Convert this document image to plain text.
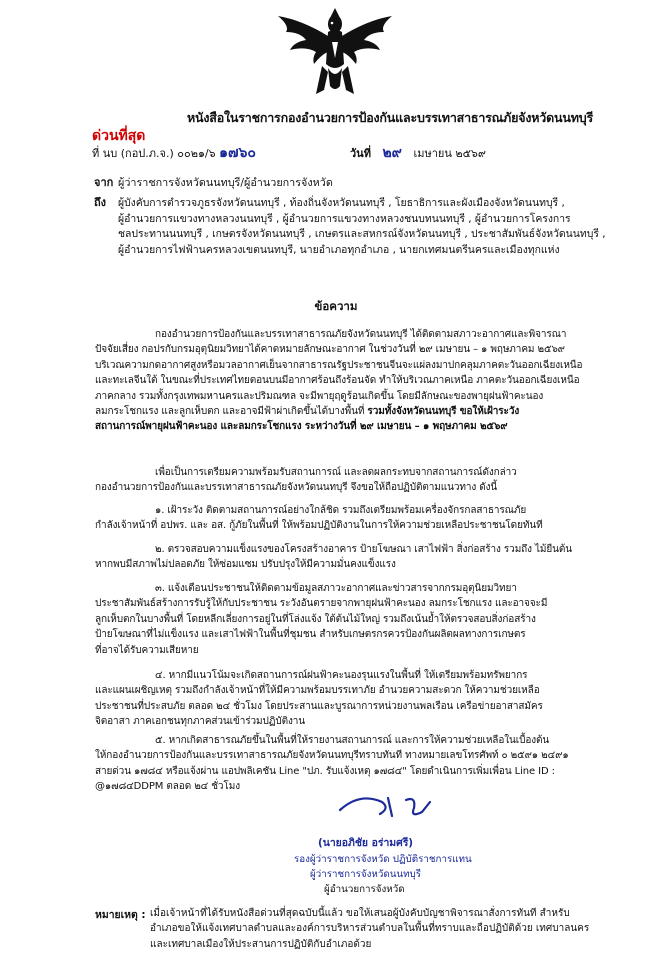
หนังสือในราชการกองอำนวยการป้องกันและบรรเทาสาธารณภัยจังหวัดนนทบุรี
ด่วนที่สุด
ที่ นบ (กอป.ภ.จ.) ๐๐๒๑/๖ ๑๗๖๐	วันที่ ๒๙ เมษายน ๒๕๖๙
จาก ผู้ว่าราชการจังหวัดนนทบุรี/ผู้อำนวยการจังหวัด
ถึง ผู้บังคับการตำรวจภูธรจังหวัดนนทบุรี , ท้องถิ่นจังหวัดนนทบุรี , โยธาธิการและผังเมืองจังหวัดนนทบุรี ,
ผู้อำนวยการแขวงทางหลวงนนทบุรี , ผู้อำนวยการแขวงทางหลวงชนบทนนทบุรี , ผู้อำนวยการโครงการ
ชลประทานนนทบุรี , เกษตรจังหวัดนนทบุรี , เกษตรและสหกรณ์จังหวัดนนทบุรี , ประชาสัมพันธ์จังหวัดนนทบุรี ,
ผู้อำนวยการไฟฟ้านครหลวงเขตนนทบุรี, นายอำเภอทุกอำเภอ , นายกเทศมนตรีนครและเมืองทุกแห่ง
ข้อความ

กองอำนวยการป้องกันและบรรเทาสาธารณภัยจังหวัดนนทบุรี ได้ติดตามสภาวะอากาศและพิจารณา

ปัจจัยเสี่ยง กอปรกับกรมอุตุนิยมวิทยาได้คาดหมายลักษณะอากาศ ในช่วงวันที่ ๒๙ เมษายน – ๑ พฤษภาคม ๒๕๖๙

บริเวณความกดอากาศสูงหรือมวลอากาศเย็นจากสาธารณรัฐประชาชนจีนจะแผ่ลงมาปกคลุมภาคตะวันออกเฉียงเหนือ

และทะเลจีนใต้ ในขณะที่ประเทศไทยตอนบนมีอากาศร้อนถึงร้อนจัด ทำให้บริเวณภาคเหนือ ภาคตะวันออกเฉียงเหนือ

ภาคกลาง รวมทั้งกรุงเทพมหานครและปริมณฑล จะมีพายุฤดูร้อนเกิดขึ้น โดยมีลักษณะของพายุฝนฟ้าคะนอง

ลมกระโชกแรง และลูกเห็บตก และอาจมีฟ้าผ่าเกิดขึ้นได้บางพื้นที่ รวมทั้งจังหวัดนนทบุรี ขอให้เฝ้าระวัง

สถานการณ์พายุฝนฟ้าคะนอง และลมกระโชกแรง ระหว่างวันที่ ๒๙ เมษายน – ๑ พฤษภาคม ๒๕๖๙

เพื่อเป็นการเตรียมความพร้อมรับสถานการณ์ และลดผลกระทบจากสถานการณ์ดังกล่าว

กองอำนวยการป้องกันและบรรเทาสาธารณภัยจังหวัดนนทบุรี จึงขอให้ถือปฏิบัติตามแนวทาง ดังนี้

๑. เฝ้าระวัง ติดตามสถานการณ์อย่างใกล้ชิด รวมถึงเตรียมพร้อมเครื่องจักรกลสาธารณภัย

กำลังเจ้าหน้าที่ อปพร. และ อส. กู้ภัยในพื้นที่ ให้พร้อมปฏิบัติงานในการให้ความช่วยเหลือประชาชนโดยทันที

๒. ตรวจสอบความแข็งแรงของโครงสร้างอาคาร ป้ายโฆษณา เสาไฟฟ้า สิ่งก่อสร้าง รวมถึง ไม้ยืนต้น

หากพบมีสภาพไม่ปลอดภัย ให้ซ่อมแซม ปรับปรุงให้มีความมั่นคงแข็งแรง

๓. แจ้งเตือนประชาชนให้ติดตามข้อมูลสภาวะอากาศและข่าวสารจากกรมอุตุนิยมวิทยา

ประชาสัมพันธ์สร้างการรับรู้ให้กับประชาชน ระวังอันตรายจากพายุฝนฟ้าคะนอง ลมกระโชกแรง และอาจจะมี

ลูกเห็บตกในบางพื้นที่ โดยหลีกเลี่ยงการอยู่ในที่โล่งแจ้ง ใต้ต้นไม้ใหญ่ รวมถึงเน้นย้ำให้ตรวจสอบสิ่งก่อสร้าง

ป้ายโฆษณาที่ไม่แข็งแรง และเสาไฟฟ้าในพื้นที่ชุมชน สำหรับเกษตรกรควรป้องกันผลิตผลทางการเกษตร

ที่อาจได้รับความเสียหาย

๔. หากมีแนวโน้มจะเกิดสถานการณ์ฝนฟ้าคะนองรุนแรงในพื้นที่ ให้เตรียมพร้อมทรัพยากร

และแผนเผชิญเหตุ รวมถึงกำลังเจ้าหน้าที่ให้มีความพร้อมบรรเทาภัย อำนวยความสะดวก ให้ความช่วยเหลือ

ประชาชนที่ประสบภัย ตลอด ๒๔ ชั่วโมง โดยประสานและบูรณาการหน่วยงานพลเรือน เครือข่ายอาสาสมัคร

จิตอาสา ภาคเอกชนทุกภาคส่วนเข้าร่วมปฏิบัติงาน

๕. หากเกิดสาธารณภัยขึ้นในพื้นที่ให้รายงานสถานการณ์ และการให้ความช่วยเหลือในเบื้องต้น

ให้กองอำนวยการป้องกันและบรรเทาสาธารณภัยจังหวัดนนทบุรีทราบทันที ทางหมายเลขโทรศัพท์ ๐ ๒๕๙๑ ๒๔๙๑

สายด่วน ๑๗๘๔ หรือแจ้งผ่าน แอปพลิเคชัน Line "ปภ. รับแจ้งเหตุ ๑๗๘๔" โดยดำเนินการเพิ่มเพื่อน Line ID :

@๑๗๘๔DDPM ตลอด ๒๔ ชั่วโมง

(นายอภิชัย อร่ามศรี)
รองผู้ว่าราชการจังหวัด ปฏิบัติราชการแทน
ผู้ว่าราชการจังหวัดนนทบุรี
ผู้อำนวยการจังหวัด
หมายเหตุ : เมื่อเจ้าหน้าที่ได้รับหนังสือด่วนที่สุดฉบับนี้แล้ว ขอให้เสนอผู้บังคับบัญชาพิจารณาสั่งการทันที สำหรับ
อำเภอขอให้แจ้งเทศบาลตำบลและองค์การบริหารส่วนตำบลในพื้นที่ทราบและถือปฏิบัติด้วย เทศบาลนคร
และเทศบาลเมืองให้ประสานการปฏิบัติกับอำเภอด้วย
